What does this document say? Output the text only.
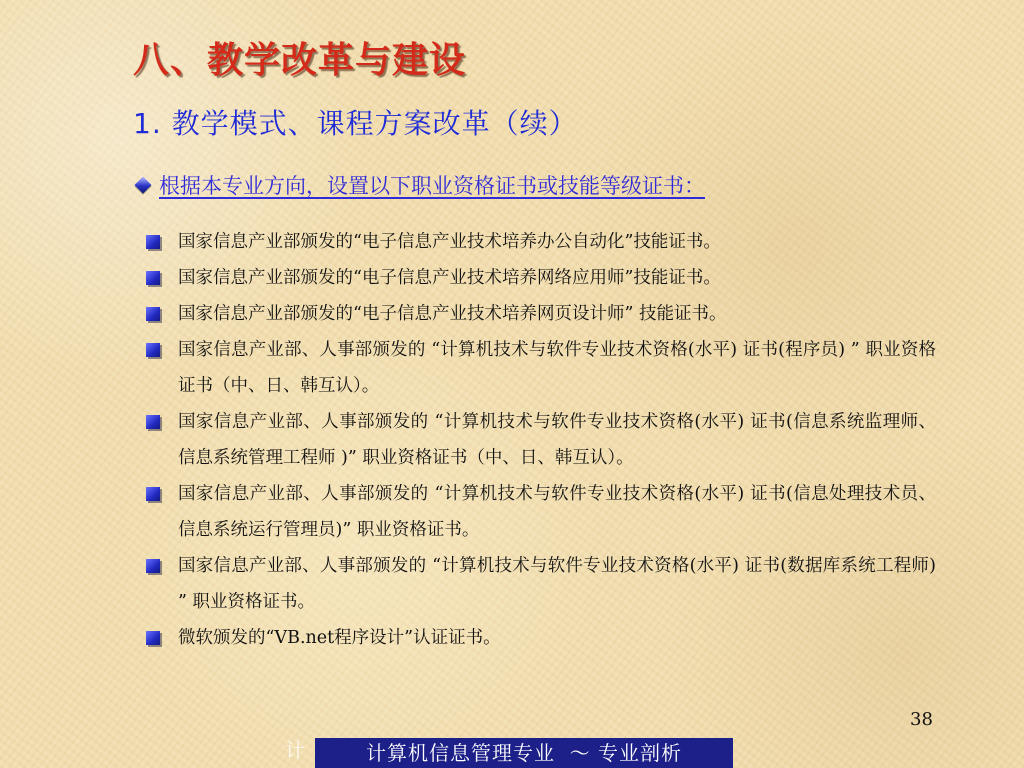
八、教学改革与建设
1. 教学模式、课程方案改革（续）
根据本专业方向，设置以下职业资格证书或技能等级证书：
国家信息产业部颁发的“电子信息产业技术培养办公自动化”技能证书。
国家信息产业部颁发的“电子信息产业技术培养网络应用师”技能证书。
国家信息产业部颁发的“电子信息产业技术培养网页设计师” 技能证书。
国家信息产业部、人事部颁发的 “计算机技术与软件专业技术资格(水平) 证书(程序员) ” 职业资格证书（中、日、韩互认）。
国家信息产业部、人事部颁发的 “计算机技术与软件专业技术资格(水平) 证书(信息系统监理师、信息系统管理工程师 )” 职业资格证书（中、日、韩互认）。
国家信息产业部、人事部颁发的 “计算机技术与软件专业技术资格(水平) 证书(信息处理技术员、信息系统运行管理员)” 职业资格证书。
国家信息产业部、人事部颁发的 “计算机技术与软件专业技术资格(水平) 证书(数据库系统工程师) ” 职业资格证书。
微软颁发的“VB.net程序设计”认证证书。
38
计	计算机信息管理专业  ～ 专业剖析
